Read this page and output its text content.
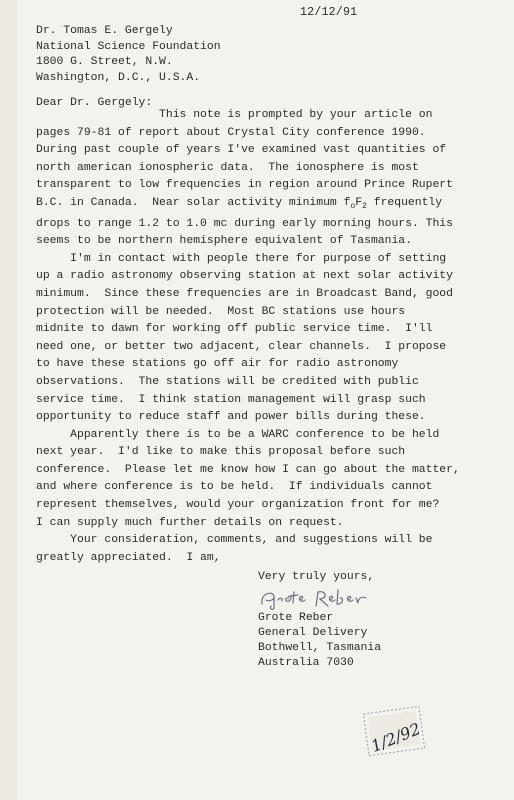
12/12/91
Dr. Tomas E. Gergely
National Science Foundation
1800 G. Street, N.W.
Washington, D.C., U.S.A.
Dear Dr. Gergely:

This note is prompted by your article on

pages 79-81 of report about Crystal City conference 1990.

During past couple of years I've examined vast quantities of

north american ionospheric data.  The ionosphere is most

transparent to low frequencies in region around Prince Rupert

B.C. in Canada.  Near solar activity minimum $f_oF_2$ frequently

drops to range 1.2 to 1.0 mc during early morning hours. This

seems to be northern hemisphere equivalent of Tasmania.

I'm in contact with people there for purpose of setting

up a radio astronomy observing station at next solar activity

minimum.  Since these frequencies are in Broadcast Band, good

protection will be needed.  Most BC stations use hours

midnite to dawn for working off public service time.  I'll

need one, or better two adjacent, clear channels.  I propose

to have these stations go off air for radio astronomy

observations.  The stations will be credited with public

service time.  I think station management will grasp such

opportunity to reduce staff and power bills during these.

Apparently there is to be a WARC conference to be held

next year.  I'd like to make this proposal before such

conference.  Please let me know how I can go about the matter,

and where conference is to be held.  If individuals cannot

represent themselves, would your organization front for me?

I can supply much further details on request.

Your consideration, comments, and suggestions will be

greatly appreciated.  I am,

Very truly yours,
Grote Reber
General Delivery
Bothwell, Tasmania
Australia 7030
1/2/92
